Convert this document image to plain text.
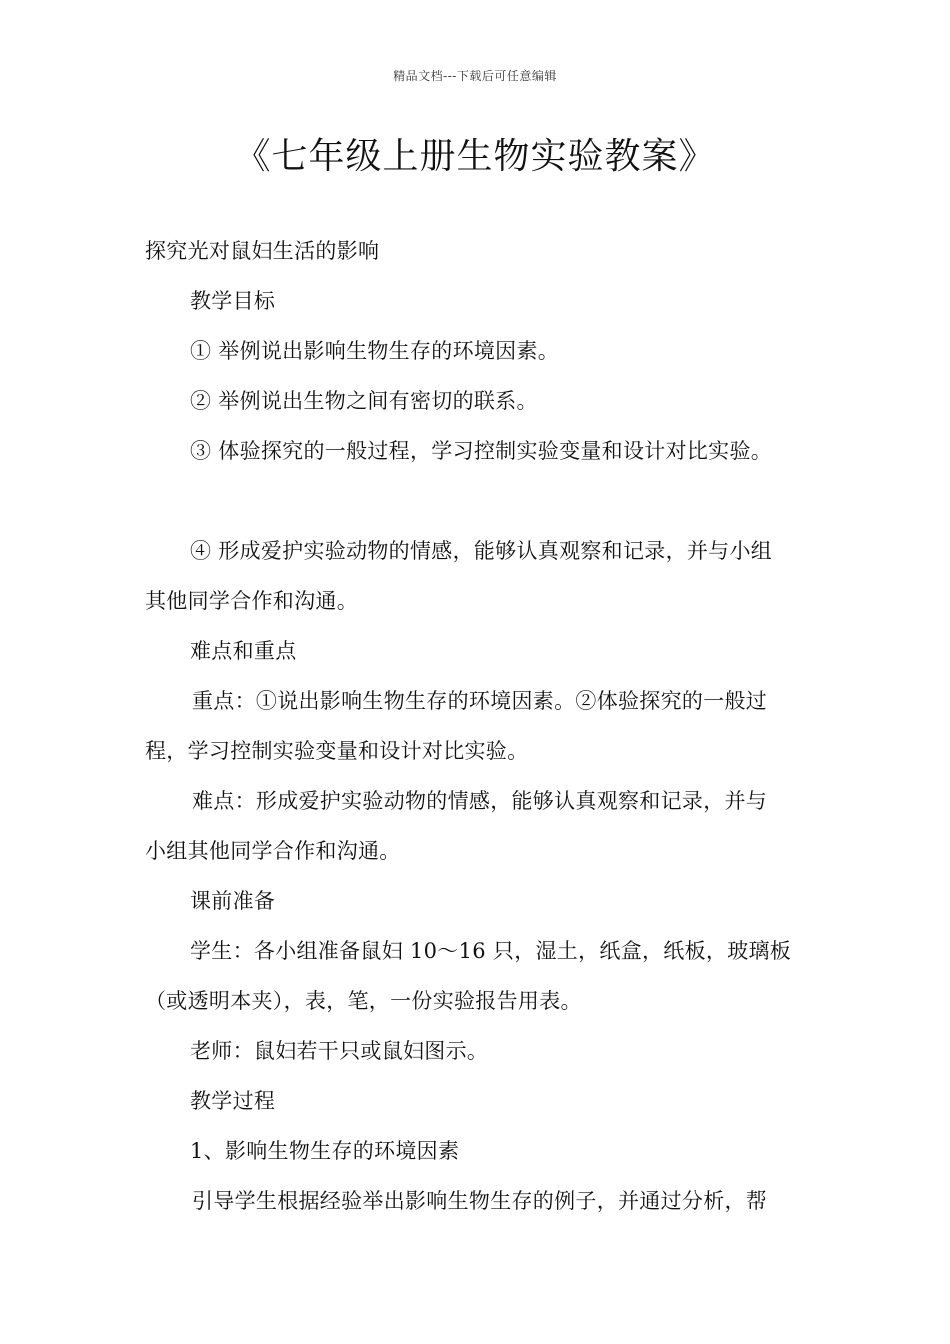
精品文档---下载后可任意编辑
《七年级上册生物实验教案》
探究光对鼠妇生活的影响
教学目标
① 举例说出影响生物生存的环境因素。
② 举例说出生物之间有密切的联系。
③ 体验探究的一般过程，学习控制实验变量和设计对比实验。
④ 形成爱护实验动物的情感，能够认真观察和记录，并与小组
其他同学合作和沟通。
难点和重点
重点：①说出影响生物生存的环境因素。②体验探究的一般过
程，学习控制实验变量和设计对比实验。
难点：形成爱护实验动物的情感，能够认真观察和记录，并与
小组其他同学合作和沟通。
课前准备
学生：各小组准备鼠妇 10～16 只，湿土，纸盒，纸板，玻璃板
（或透明本夹），表，笔，一份实验报告用表。
老师：鼠妇若干只或鼠妇图示。
教学过程
1、影响生物生存的环境因素
引导学生根据经验举出影响生物生存的例子，并通过分析，帮
